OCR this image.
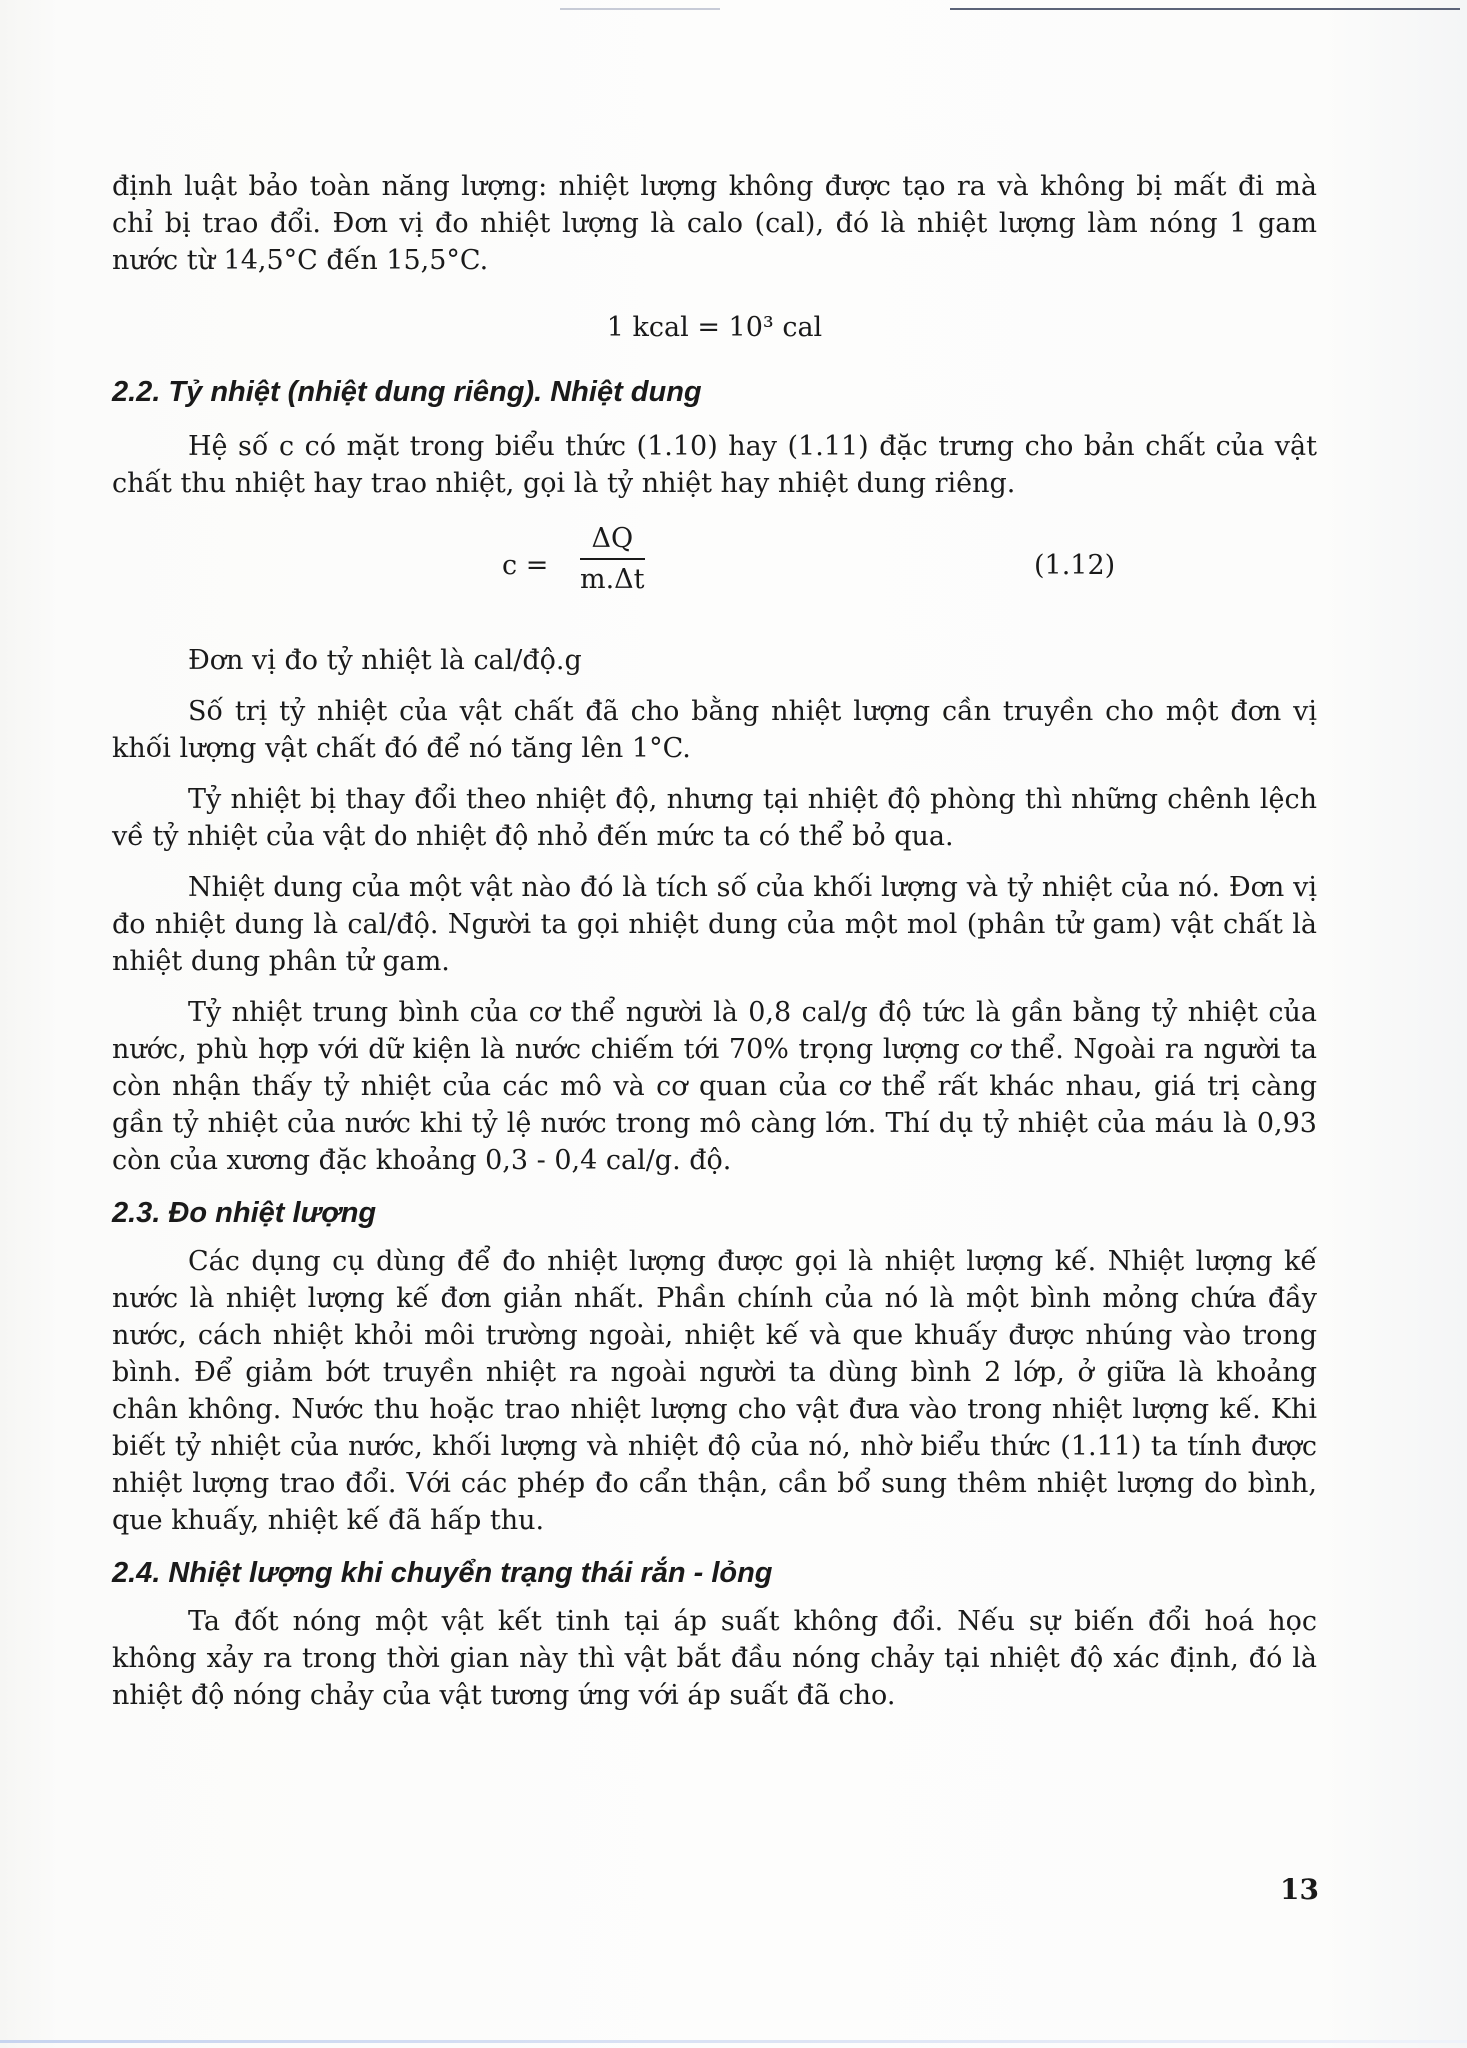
định luật bảo toàn năng lượng: nhiệt lượng không được tạo ra và không bị mất đi mà chỉ bị trao đổi. Đơn vị đo nhiệt lượng là calo (cal), đó là nhiệt lượng làm nóng 1 gam nước từ 14,5°C đến 15,5°C.

1 kcal = 10³ cal

2.2. Tỷ nhiệt (nhiệt dung riêng). Nhiệt dung

Hệ số c có mặt trong biểu thức (1.10) hay (1.11) đặc trưng cho bản chất của vật chất thu nhiệt hay trao nhiệt, gọi là tỷ nhiệt hay nhiệt dung riêng.

$c = \frac{\Delta Q}{m.\Delta t}$	(1.12)

Đơn vị đo tỷ nhiệt là cal/độ.g

Số trị tỷ nhiệt của vật chất đã cho bằng nhiệt lượng cần truyền cho một đơn vị khối lượng vật chất đó để nó tăng lên 1°C.

Tỷ nhiệt bị thay đổi theo nhiệt độ, nhưng tại nhiệt độ phòng thì những chênh lệch về tỷ nhiệt của vật do nhiệt độ nhỏ đến mức ta có thể bỏ qua.

Nhiệt dung của một vật nào đó là tích số của khối lượng và tỷ nhiệt của nó. Đơn vị đo nhiệt dung là cal/độ. Người ta gọi nhiệt dung của một mol (phân tử gam) vật chất là nhiệt dung phân tử gam.

Tỷ nhiệt trung bình của cơ thể người là 0,8 cal/g độ tức là gần bằng tỷ nhiệt của nước, phù hợp với dữ kiện là nước chiếm tới 70% trọng lượng cơ thể. Ngoài ra người ta còn nhận thấy tỷ nhiệt của các mô và cơ quan của cơ thể rất khác nhau, giá trị càng gần tỷ nhiệt của nước khi tỷ lệ nước trong mô càng lớn. Thí dụ tỷ nhiệt của máu là 0,93 còn của xương đặc khoảng 0,3 - 0,4 cal/g. độ.

2.3. Đo nhiệt lượng

Các dụng cụ dùng để đo nhiệt lượng được gọi là nhiệt lượng kế. Nhiệt lượng kế nước là nhiệt lượng kế đơn giản nhất. Phần chính của nó là một bình mỏng chứa đầy nước, cách nhiệt khỏi môi trường ngoài, nhiệt kế và que khuấy được nhúng vào trong bình. Để giảm bớt truyền nhiệt ra ngoài người ta dùng bình 2 lớp, ở giữa là khoảng chân không. Nước thu hoặc trao nhiệt lượng cho vật đưa vào trong nhiệt lượng kế. Khi biết tỷ nhiệt của nước, khối lượng và nhiệt độ của nó, nhờ biểu thức (1.11) ta tính được nhiệt lượng trao đổi. Với các phép đo cẩn thận, cần bổ sung thêm nhiệt lượng do bình, que khuấy, nhiệt kế đã hấp thu.

2.4. Nhiệt lượng khi chuyển trạng thái rắn - lỏng

Ta đốt nóng một vật kết tinh tại áp suất không đổi. Nếu sự biến đổi hoá học không xảy ra trong thời gian này thì vật bắt đầu nóng chảy tại nhiệt độ xác định, đó là nhiệt độ nóng chảy của vật tương ứng với áp suất đã cho.

13
